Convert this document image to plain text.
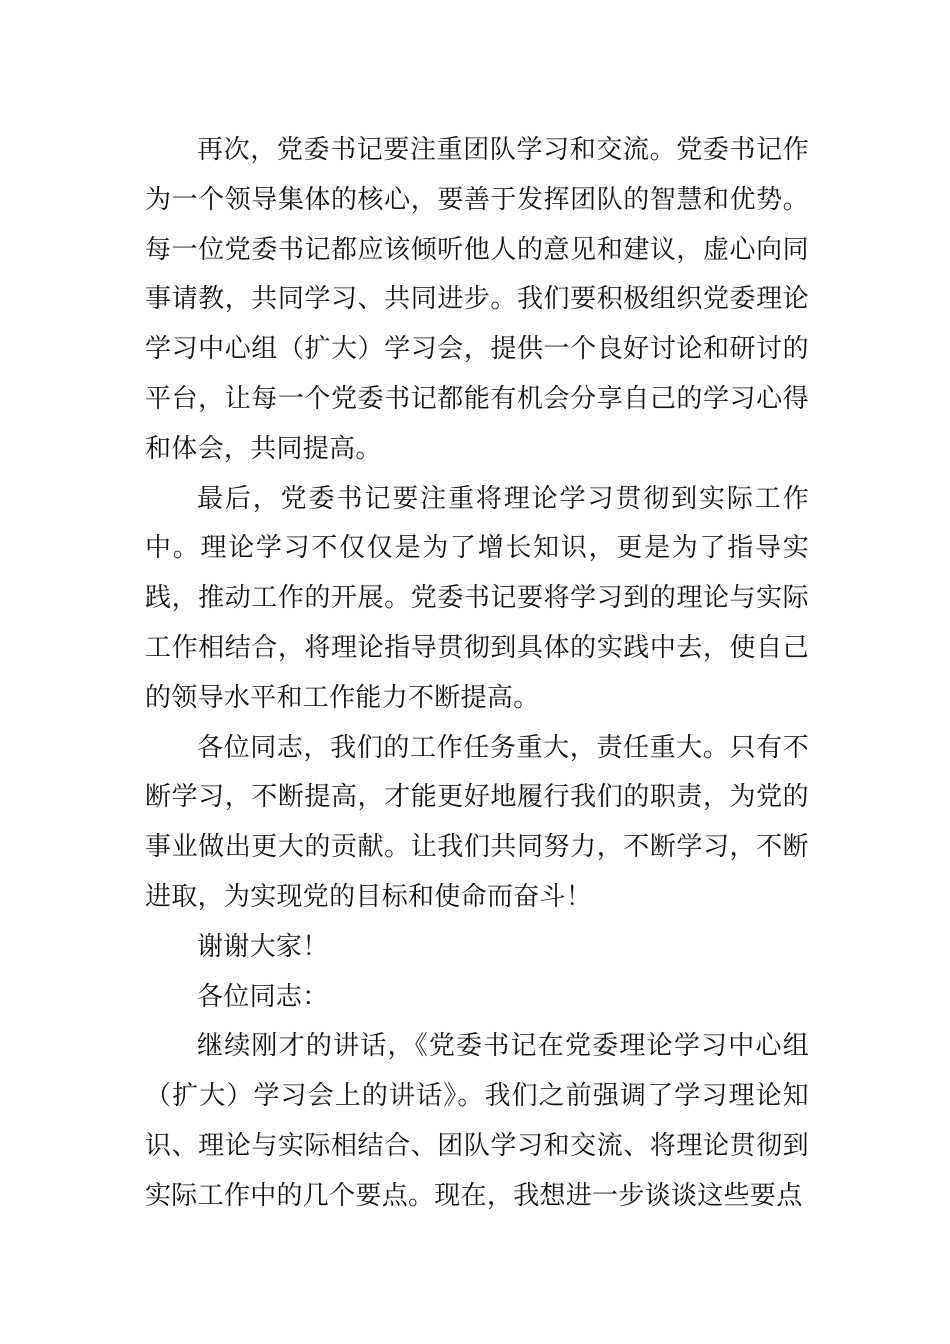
再次，党委书记要注重团队学习和交流。党委书记作为一个领导集体的核心，要善于发挥团队的智慧和优势。每一位党委书记都应该倾听他人的意见和建议，虚心向同事请教，共同学习、共同进步。我们要积极组织党委理论学习中心组（扩大）学习会，提供一个良好讨论和研讨的平台，让每一个党委书记都能有机会分享自己的学习心得和体会，共同提高。

最后，党委书记要注重将理论学习贯彻到实际工作中。理论学习不仅仅是为了增长知识，更是为了指导实践，推动工作的开展。党委书记要将学习到的理论与实际工作相结合，将理论指导贯彻到具体的实践中去，使自己的领导水平和工作能力不断提高。

各位同志，我们的工作任务重大，责任重大。只有不断学习，不断提高，才能更好地履行我们的职责，为党的事业做出更大的贡献。让我们共同努力，不断学习，不断进取，为实现党的目标和使命而奋斗！

谢谢大家！

各位同志：

继续刚才的讲话，《党委书记在党委理论学习中心组（扩大）学习会上的讲话》。我们之前强调了学习理论知识、理论与实际相结合、团队学习和交流、将理论贯彻到实际工作中的几个要点。现在，我想进一步谈谈这些要点
